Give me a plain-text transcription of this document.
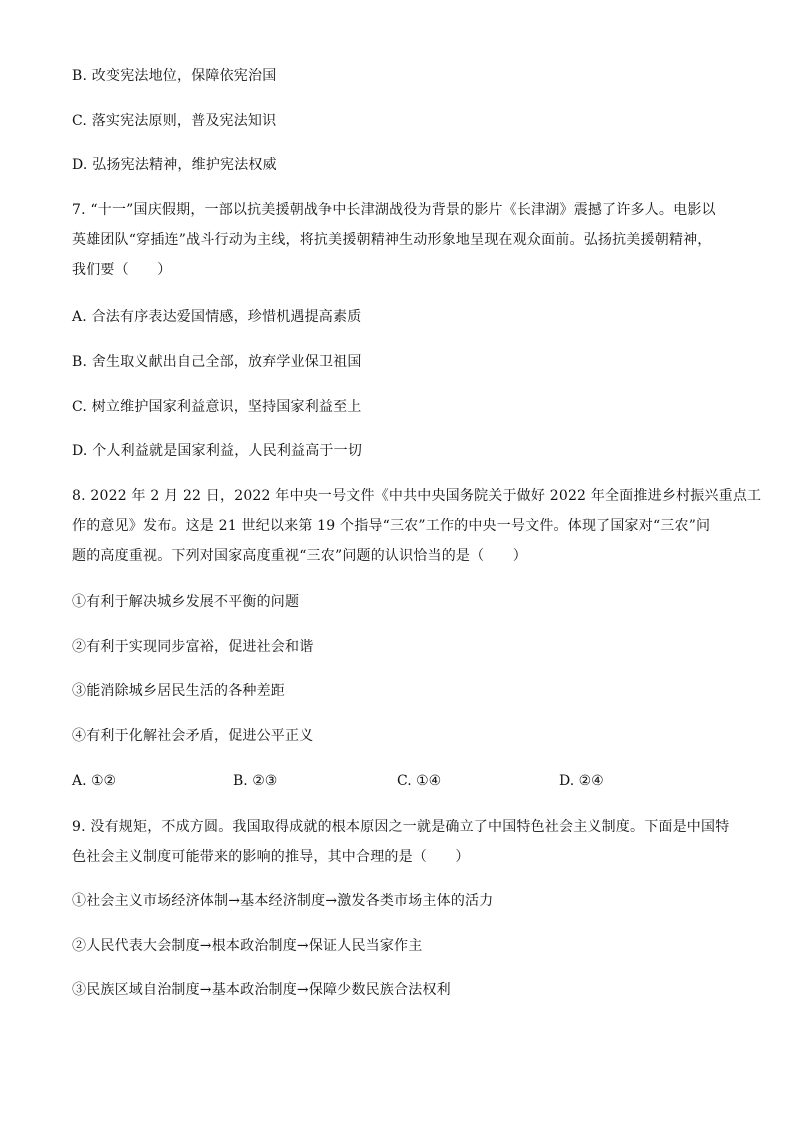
B. 改变宪法地位，保障依宪治国
C. 落实宪法原则，普及宪法知识
D. 弘扬宪法精神，维护宪法权威
7. “十一”国庆假期，一部以抗美援朝战争中长津湖战役为背景的影片《长津湖》震撼了许多人。电影以
英雄团队“穿插连”战斗行动为主线，将抗美援朝精神生动形象地呈现在观众面前。弘扬抗美援朝精神，
我们要（　　）
A. 合法有序表达爱国情感，珍惜机遇提高素质
B. 舍生取义献出自己全部，放弃学业保卫祖国
C. 树立维护国家利益意识，坚持国家利益至上
D. 个人利益就是国家利益，人民利益高于一切
8. 2022 年 2 月 22 日，2022 年中央一号文件《中共中央国务院关于做好 2022 年全面推进乡村振兴重点工
作的意见》发布。这是 21 世纪以来第 19 个指导“三农”工作的中央一号文件。体现了国家对“三农”问
题的高度重视。下列对国家高度重视“三农”问题的认识恰当的是（　　）
①有利于解决城乡发展不平衡的问题
②有利于实现同步富裕，促进社会和谐
③能消除城乡居民生活的各种差距
④有利于化解社会矛盾，促进公平正义
A. ①②	B. ②③	C. ①④	D. ②④
9. 没有规矩，不成方圆。我国取得成就的根本原因之一就是确立了中国特色社会主义制度。下面是中国特
色社会主义制度可能带来的影响的推导，其中合理的是（　　）
①社会主义市场经济体制→基本经济制度→激发各类市场主体的活力
②人民代表大会制度→根本政治制度→保证人民当家作主
③民族区域自治制度→基本政治制度→保障少数民族合法权利
